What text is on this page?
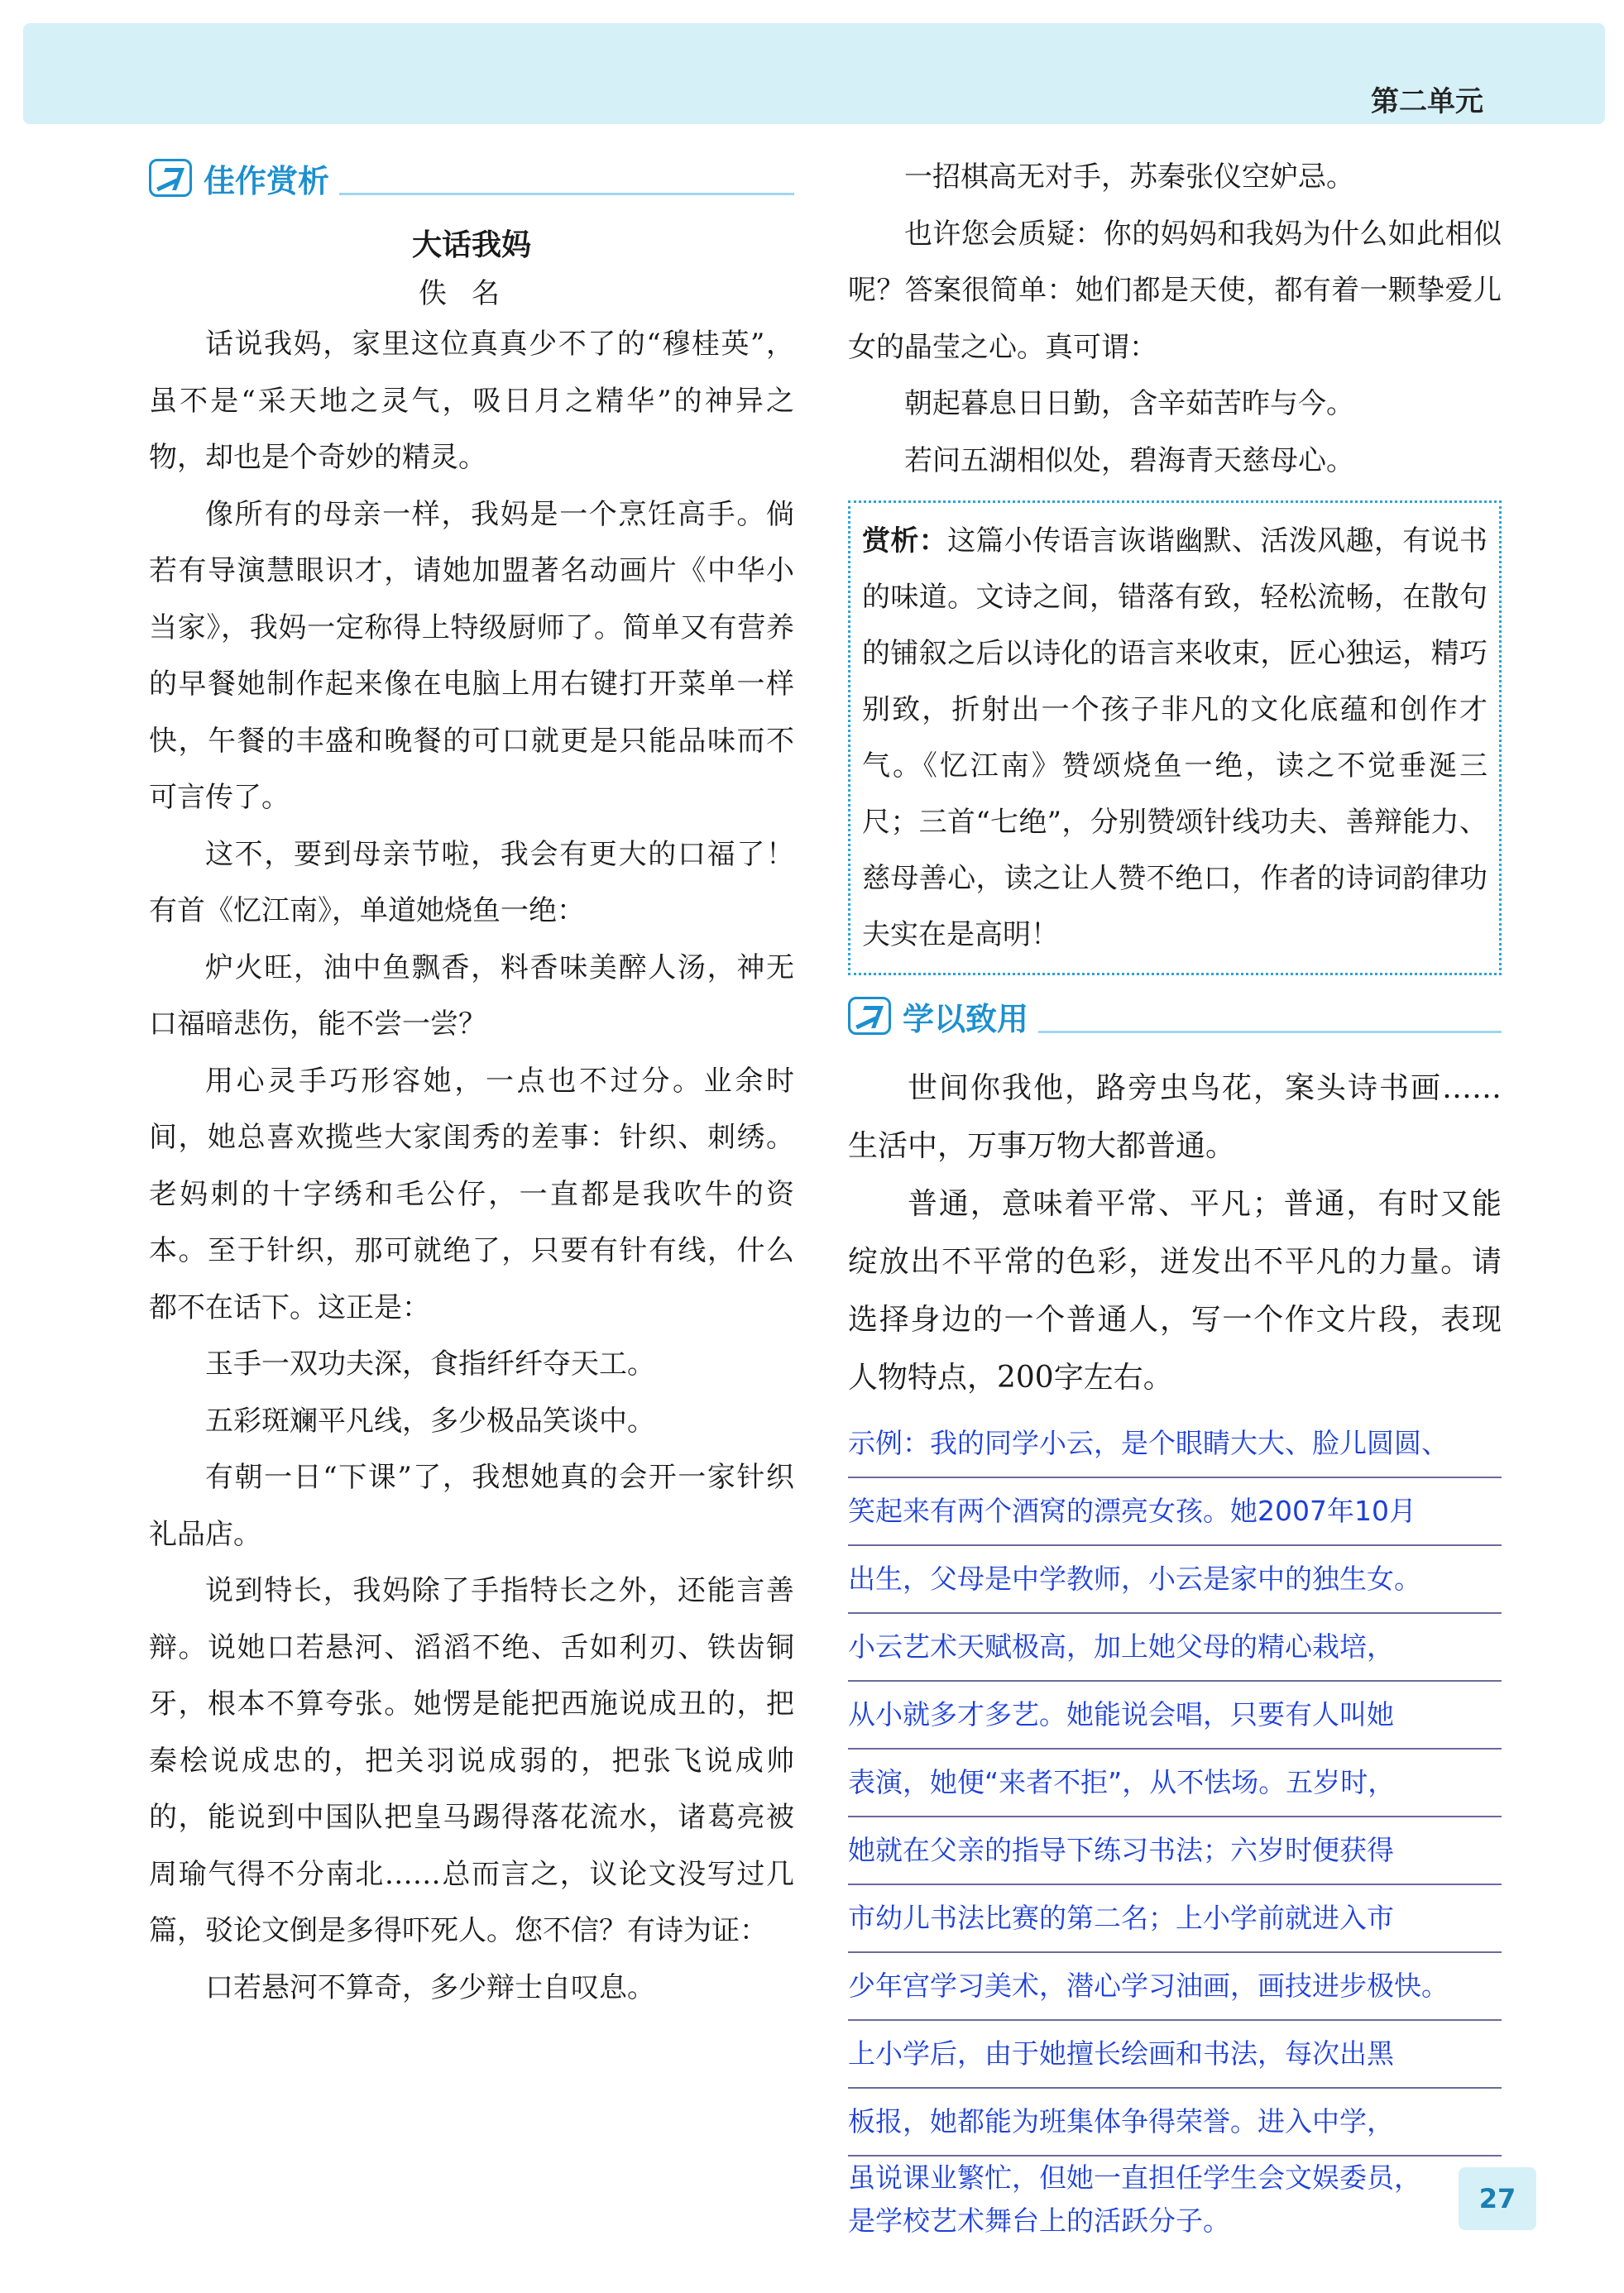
第二单元
佳作赏析
大话我妈
佚名

话说我妈，家里这位真真少不了的“穆桂英”，虽不是“采天地之灵气，吸日月之精华”的神异之物，却也是个奇妙的精灵。

像所有的母亲一样，我妈是一个烹饪高手。倘若有导演慧眼识才，请她加盟著名动画片《中华小当家》，我妈一定称得上特级厨师了。简单又有营养的早餐她制作起来像在电脑上用右键打开菜单一样快，午餐的丰盛和晚餐的可口就更是只能品味而不可言传了。

这不，要到母亲节啦，我会有更大的口福了！有首《忆江南》，单道她烧鱼一绝：

炉火旺，油中鱼飘香，料香味美醉人汤，神无口福暗悲伤，能不尝一尝？

用心灵手巧形容她，一点也不过分。业余时间，她总喜欢揽些大家闺秀的差事：针织、刺绣。老妈刺的十字绣和毛公仔，一直都是我吹牛的资本。至于针织，那可就绝了，只要有针有线，什么都不在话下。这正是：

玉手一双功夫深，食指纤纤夺天工。

五彩斑斓平凡线，多少极品笑谈中。

有朝一日“下课”了，我想她真的会开一家针织礼品店。

说到特长，我妈除了手指特长之外，还能言善辩。说她口若悬河、滔滔不绝、舌如利刃、铁齿铜牙，根本不算夸张。她愣是能把西施说成丑的，把秦桧说成忠的，把关羽说成弱的，把张飞说成帅的，能说到中国队把皇马踢得落花流水，诸葛亮被周瑜气得不分南北……总而言之，议论文没写过几篇，驳论文倒是多得吓死人。您不信？有诗为证：

口若悬河不算奇，多少辩士自叹息。

一招棋高无对手，苏秦张仪空妒忌。

也许您会质疑：你的妈妈和我妈为什么如此相似呢？答案很简单：她们都是天使，都有着一颗挚爱儿女的晶莹之心。真可谓：

朝起暮息日日勤，含辛茹苦昨与今。

若问五湖相似处，碧海青天慈母心。

赏析：这篇小传语言诙谐幽默、活泼风趣，有说书的味道。文诗之间，错落有致，轻松流畅，在散句的铺叙之后以诗化的语言来收束，匠心独运，精巧别致，折射出一个孩子非凡的文化底蕴和创作才气。《忆江南》赞颂烧鱼一绝，读之不觉垂涎三尺；三首“七绝”，分别赞颂针线功夫、善辩能力、慈母善心，读之让人赞不绝口，作者的诗词韵律功夫实在是高明！

学以致用

世间你我他，路旁虫鸟花，案头诗书画……生活中，万事万物大都普通。

普通，意味着平常、平凡；普通，有时又能绽放出不平常的色彩，迸发出不平凡的力量。请选择身边的一个普通人，写一个作文片段，表现人物特点，200字左右。

示例：我的同学小云，是个眼睛大大、脸儿圆圆、
笑起来有两个酒窝的漂亮女孩。她2007年10月
出生，父母是中学教师，小云是家中的独生女。
小云艺术天赋极高，加上她父母的精心栽培，
从小就多才多艺。她能说会唱，只要有人叫她
表演，她便“来者不拒”，从不怯场。五岁时，
她就在父亲的指导下练习书法；六岁时便获得
市幼儿书法比赛的第二名；上小学前就进入市
少年宫学习美术，潜心学习油画，画技进步极快。
上小学后，由于她擅长绘画和书法，每次出黑
板报，她都能为班集体争得荣誉。进入中学，
虽说课业繁忙，但她一直担任学生会文娱委员，
是学校艺术舞台上的活跃分子。
27
